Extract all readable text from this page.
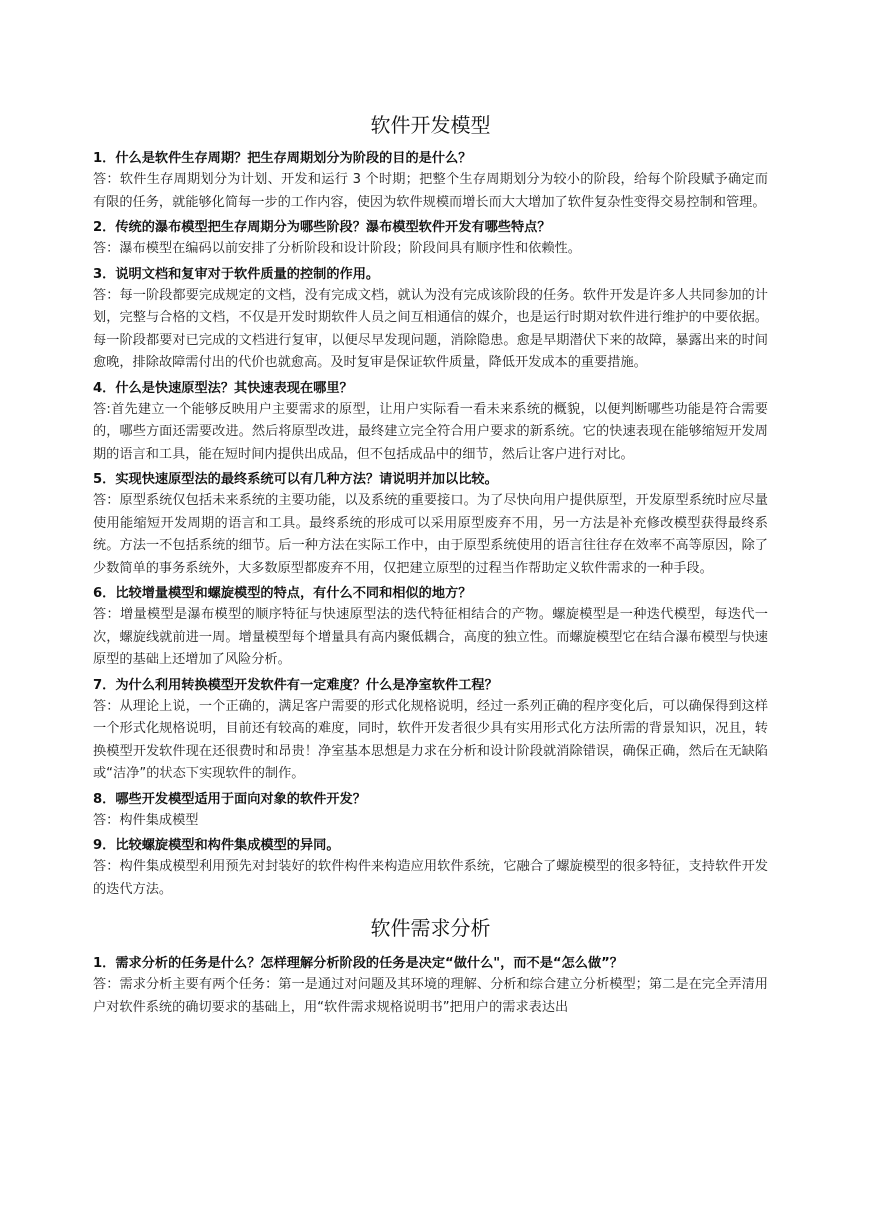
软件开发模型

1．什么是软件生存周期？把生存周期划分为阶段的目的是什么？

答：软件生存周期划分为计划、开发和运行 3 个时期；把整个生存周期划分为较小的阶段，给每个阶段赋予确定而有限的任务，就能够化简每一步的工作内容，使因为软件规模而增长而大大增加了软件复杂性变得交易控制和管理。

2．传统的瀑布模型把生存周期分为哪些阶段？瀑布模型软件开发有哪些特点？

答：瀑布模型在编码以前安排了分析阶段和设计阶段；阶段间具有顺序性和依赖性。

3．说明文档和复审对于软件质量的控制的作用。

答：每一阶段都要完成规定的文档，没有完成文档，就认为没有完成该阶段的任务。软件开发是许多人共同参加的计划，完整与合格的文档，不仅是开发时期软件人员之间互相通信的媒介，也是运行时期对软件进行维护的中要依据。每一阶段都要对已完成的文档进行复审，以便尽早发现问题，消除隐患。愈是早期潜伏下来的故障，暴露出来的时间愈晚，排除故障需付出的代价也就愈高。及时复审是保证软件质量，降低开发成本的重要措施。

4．什么是快速原型法？其快速表现在哪里？

答:首先建立一个能够反映用户主要需求的原型，让用户实际看一看未来系统的概貌，以便判断哪些功能是符合需要的，哪些方面还需要改进。然后将原型改进，最终建立完全符合用户要求的新系统。它的快速表现在能够缩短开发周期的语言和工具，能在短时间内提供出成品，但不包括成品中的细节，然后让客户进行对比。

5．实现快速原型法的最终系统可以有几种方法？请说明并加以比较。

答：原型系统仅包括未来系统的主要功能，以及系统的重要接口。为了尽快向用户提供原型，开发原型系统时应尽量使用能缩短开发周期的语言和工具。最终系统的形成可以采用原型废弃不用，另一方法是补充修改模型获得最终系统。方法一不包括系统的细节。后一种方法在实际工作中，由于原型系统使用的语言往往存在效率不高等原因，除了少数简单的事务系统外，大多数原型都废弃不用，仅把建立原型的过程当作帮助定义软件需求的一种手段。

6．比较增量模型和螺旋模型的特点，有什么不同和相似的地方？

答：增量模型是瀑布模型的顺序特征与快速原型法的迭代特征相结合的产物。螺旋模型是一种迭代模型，每迭代一次，螺旋线就前进一周。增量模型每个增量具有高内聚低耦合，高度的独立性。而螺旋模型它在结合瀑布模型与快速原型的基础上还增加了风险分析。

7．为什么利用转换模型开发软件有一定难度？什么是净室软件工程？

答：从理论上说，一个正确的，满足客户需要的形式化规格说明，经过一系列正确的程序变化后，可以确保得到这样一个形式化规格说明，目前还有较高的难度，同时，软件开发者很少具有实用形式化方法所需的背景知识，况且，转换模型开发软件现在还很费时和昂贵！净室基本思想是力求在分析和设计阶段就消除错误，确保正确，然后在无缺陷或“洁净”的状态下实现软件的制作。

8．哪些开发模型适用于面向对象的软件开发？

答：构件集成模型

9．比较螺旋模型和构件集成模型的异同。

答：构件集成模型利用预先对封装好的软件构件来构造应用软件系统，它融合了螺旋模型的很多特征，支持软件开发的迭代方法。

软件需求分析

1．需求分析的任务是什么？怎样理解分析阶段的任务是决定“做什么"，而不是“怎么做”？

答：需求分析主要有两个任务：第一是通过对问题及其环境的理解、分析和综合建立分析模型；第二是在完全弄清用户对软件系统的确切要求的基础上，用“软件需求规格说明书”把用户的需求表达出
